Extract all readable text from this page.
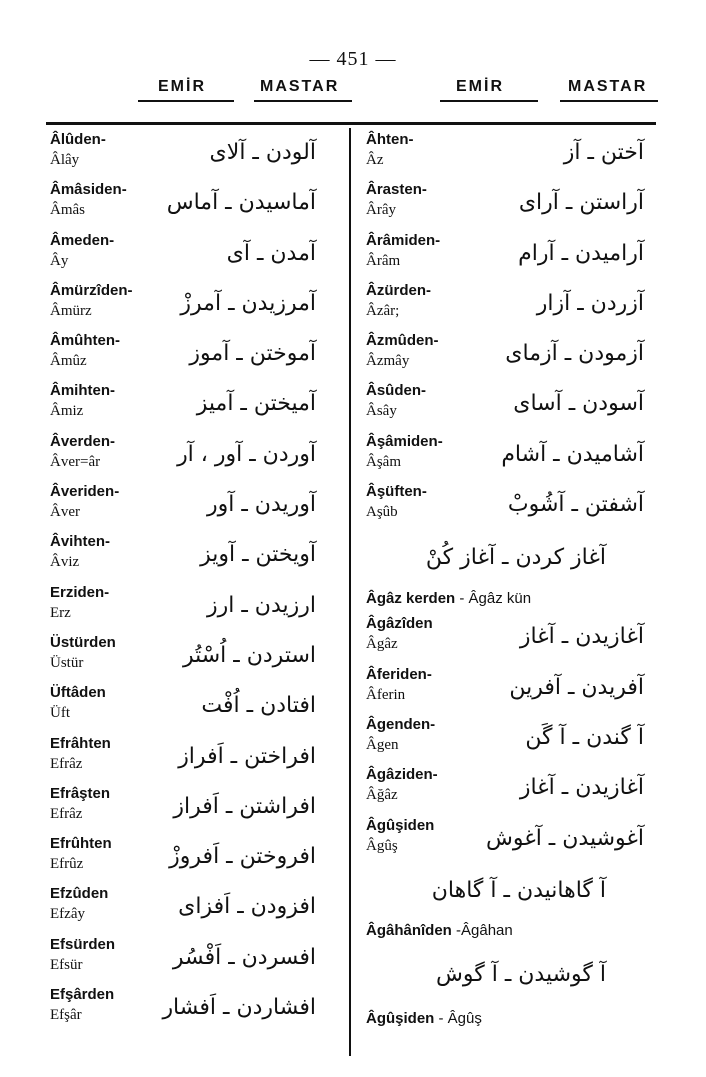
— 451 —
EMİR	MASTAR	EMİR	MASTAR
Âlûden-
Âlây	آلودن ـ آلای
Âmâsiden-
Âmâs	آماسیدن ـ آماس
Âmeden-
Ây	آمدن ـ آی
Âmürzîden-
Âmürz	آمرزیدن ـ آمرزْ
Âmûhten-
Âmûz	آموختن ـ آموز
Âmihten-
Âmiz	آمیختن ـ آمیز
Âverden-
Âver=âr	آوردن ـ آور ، آر
Âveriden-
Âver	آوریدن ـ آور
Âvihten-
Âviz	آویختن ـ آویز
Erziden-
Erz	ارزیدن ـ ارز
Üstürden
Üstür	استردن ـ اُسْتُر
Üftâden
Üft	افتادن ـ اُفْت
Efrâhten
Efrâz	افراختن ـ اَفراز
Efrâşten
Efrâz	افراشتن ـ اَفراز
Efrûhten
Efrûz	افروختن ـ اَفروزْ
Efzûden
Efzây	افزودن ـ اَفزای
Efsürden
Efsür	افسردن ـ اَفْسُر
Efşârden
Efşâr	افشاردن ـ اَفشار
Âhten-
Âz	آختن ـ آز
Ârasten-
Ârây	آراستن ـ آرای
Ârâmiden-
Ârâm	آرامیدن ـ آرام
Âzürden-
Âzâr;	آزردن ـ آزار
Âzmûden-
Âzmây	آزمودن ـ آزمای
Âsûden-
Âsây	آسودن ـ آسای
Âşâmiden-
Âşâm	آشامیدن ـ آشام
Âşüften-
Aşûb	آشفتن ـ آشُوبْ
آغاز کردن ـ آغاز کُنْ
Âgâz kerden - Âgâz kün
Âgâzîden
Âgâz	آغازیدن ـ آغاز
Âferiden-
Âferin	آفریدن ـ آفرین
Âgenden-
Âgen	آ گندن ـ آ گَن
Âgâziden-
Âğâz	آغازیدن ـ آغاز
Âgûşiden
Âgûş	آغوشیدن ـ آغوش
آ گاهانیدن ـ آ گاهان
Âgâhânîden -Âgâhan
آ گوشیدن ـ آ گوش
Âgûşiden - Âgûş
